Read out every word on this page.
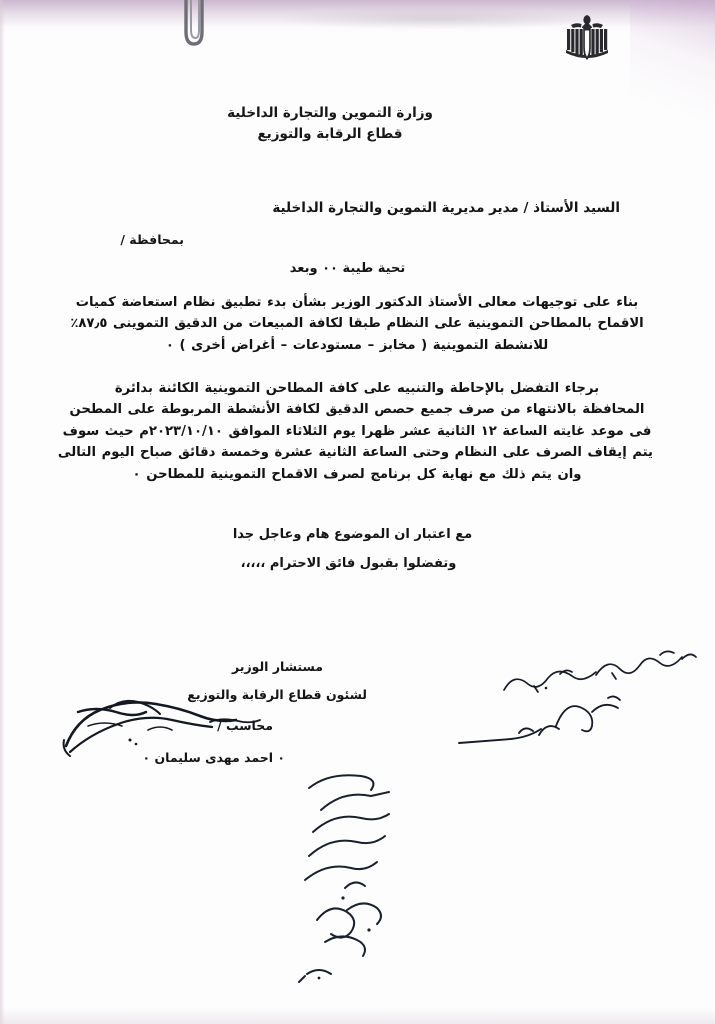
وزارة التموين والتجارة الداخلية
قطاع الرقابة والتوزيع
السيد الأستاذ / مدير مديرية التموين والتجارة الداخلية
بمحافظة /
تحية طيبة ٠٠ وبعد
بناء على توجيهات معالى الأستاذ الدكتور الوزير بشأن بدء تطبيق نظام استعاضة كميات
الاقماح بالمطاحن التموينية على النظام طبقا لكافة المبيعات من الدقيق التموينى ٨٧٫٥٪
للانشطة التموينية ( مخابز – مستودعات – أغراض أخرى ) ٠
برجاء التفضل بالإحاطة والتنبيه على كافة المطاحن التموينية الكائنة بدائرة
المحافظة بالانتهاء من صرف جميع حصص الدقيق لكافة الأنشطة المربوطة على المطحن
فى موعد غايته الساعة ١٢ الثانية عشر ظهرا يوم الثلاثاء الموافق ٢٠٢٣/١٠/١٠م حيث سوف
يتم إيقاف الصرف على النظام وحتى الساعة الثانية عشرة وخمسة دقائق صباح اليوم التالى
وان يتم ذلك مع نهاية كل برنامج لصرف الاقماح التموينية للمطاحن ٠
مع اعتبار ان الموضوع هام وعاجل جدا
وتفضلوا بقبول فائق الاحترام ،،،،،
مستشار الوزير
لشئون قطاع الرقابة والتوزيع
محاسب /
٠ احمد مهدى سليمان ٠
